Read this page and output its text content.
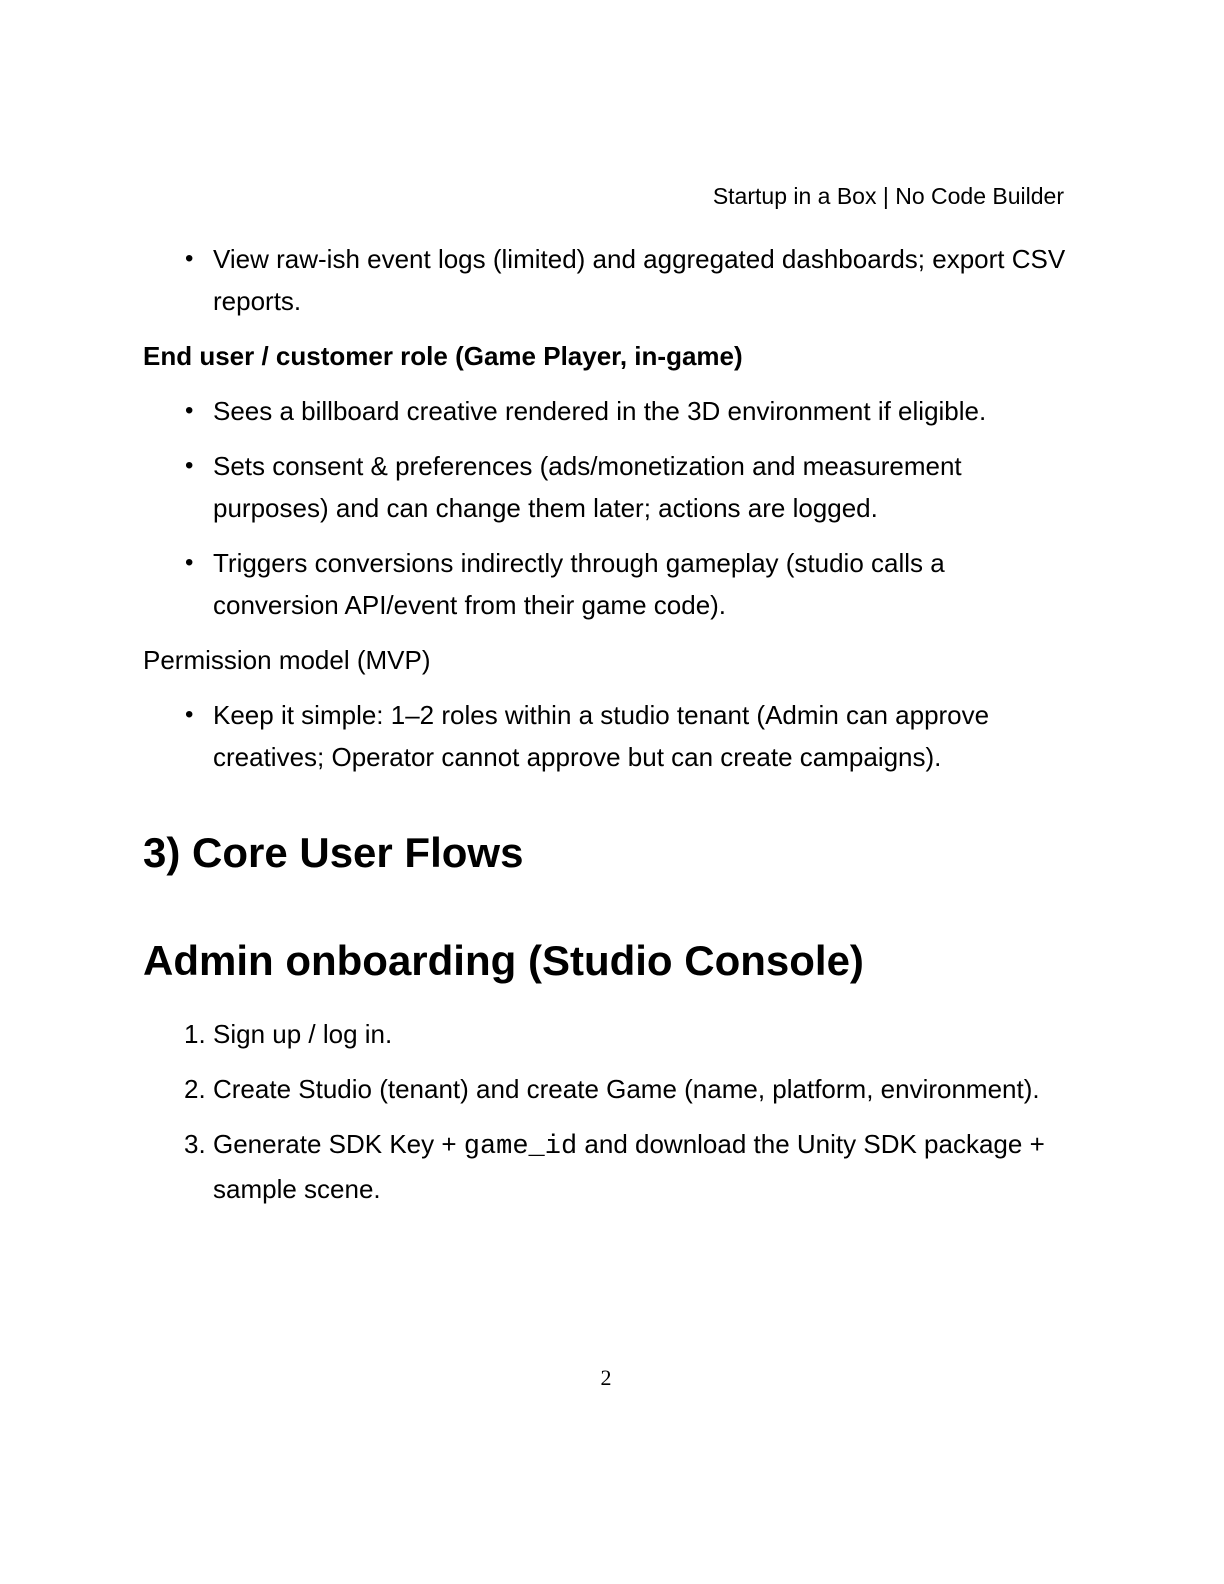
Startup in a Box | No Code Builder
• View raw-ish event logs (limited) and aggregated dashboards; export CSV reports.

End user / customer role (Game Player, in-game)

• Sees a billboard creative rendered in the 3D environment if eligible.
• Sets consent & preferences (ads/monetization and measurement purposes) and can change them later; actions are logged.
• Triggers conversions indirectly through gameplay (studio calls a conversion API/event from their game code).

Permission model (MVP)

• Keep it simple: 1–2 roles within a studio tenant (Admin can approve creatives; Operator cannot approve but can create campaigns).
3) Core User Flows
Admin onboarding (Studio Console)
1. Sign up / log in.
2. Create Studio (tenant) and create Game (name, platform, environment).
3. Generate SDK Key + game_id and download the Unity SDK package + sample scene.
2
